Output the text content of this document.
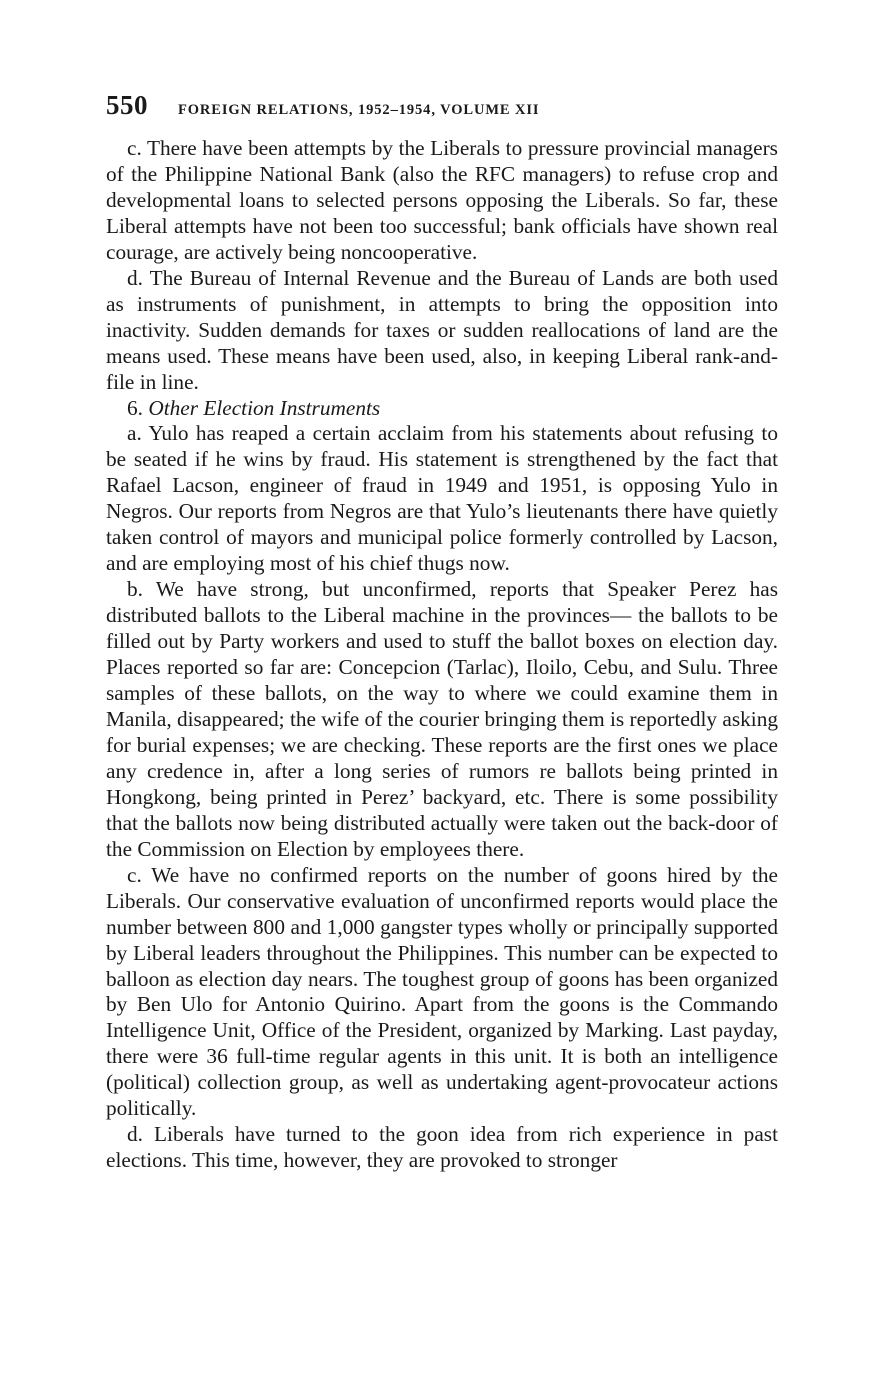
550 FOREIGN RELATIONS, 1952–1954, VOLUME XII

c. There have been attempts by the Liberals to pressure provincial managers of the Philippine National Bank (also the RFC managers) to refuse crop and developmental loans to selected persons opposing the Liberals. So far, these Liberal attempts have not been too successful; bank officials have shown real courage, are actively being noncooperative.

d. The Bureau of Internal Revenue and the Bureau of Lands are both used as instruments of punishment, in attempts to bring the opposition into inactivity. Sudden demands for taxes or sudden reallocations of land are the means used. These means have been used, also, in keeping Liberal rank-and-file in line.

6. Other Election Instruments

a. Yulo has reaped a certain acclaim from his statements about refusing to be seated if he wins by fraud. His statement is strengthened by the fact that Rafael Lacson, engineer of fraud in 1949 and 1951, is opposing Yulo in Negros. Our reports from Negros are that Yulo’s lieutenants there have quietly taken control of mayors and municipal police formerly controlled by Lacson, and are employing most of his chief thugs now.

b. We have strong, but unconfirmed, reports that Speaker Perez has distributed ballots to the Liberal machine in the provinces— the ballots to be filled out by Party workers and used to stuff the ballot boxes on election day. Places reported so far are: Concepcion (Tarlac), Iloilo, Cebu, and Sulu. Three samples of these ballots, on the way to where we could examine them in Manila, disappeared; the wife of the courier bringing them is reportedly asking for burial expenses; we are checking. These reports are the first ones we place any credence in, after a long series of rumors re ballots being printed in Hongkong, being printed in Perez’ backyard, etc. There is some possibility that the ballots now being distributed actually were taken out the back-door of the Commission on Election by employees there.

c. We have no confirmed reports on the number of goons hired by the Liberals. Our conservative evaluation of unconfirmed reports would place the number between 800 and 1,000 gangster types wholly or principally supported by Liberal leaders throughout the Philippines. This number can be expected to balloon as election day nears. The toughest group of goons has been organized by Ben Ulo for Antonio Quirino. Apart from the goons is the Commando Intelligence Unit, Office of the President, organized by Marking. Last payday, there were 36 full-time regular agents in this unit. It is both an intelligence (political) collection group, as well as undertaking agent-provocateur actions politically.

d. Liberals have turned to the goon idea from rich experience in past elections. This time, however, they are provoked to stronger
